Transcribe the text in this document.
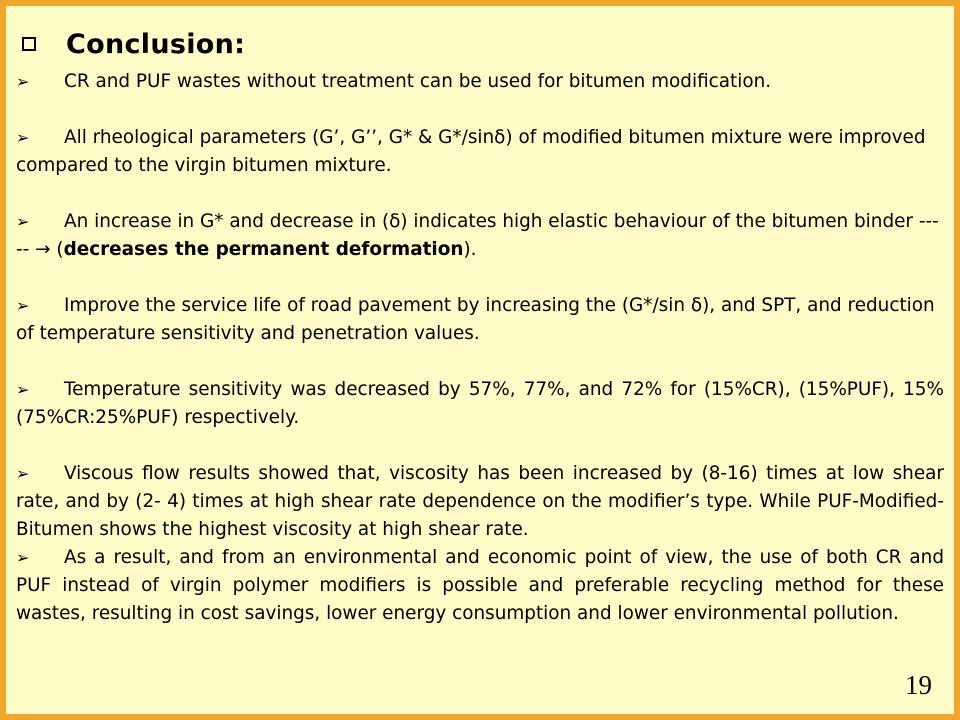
Conclusion:

➢ CR and PUF wastes without treatment can be used for bitumen modification.

➢ All rheological parameters (G’, G’’, G* & G*/sinδ) of modified bitumen mixture were improved compared to the virgin bitumen mixture.

➢ An increase in G* and decrease in (δ) indicates high elastic behaviour of the bitumen binder ----- → (decreases the permanent deformation).

➢ Improve the service life of road pavement by increasing the (G*/sin δ), and SPT, and reduction of temperature sensitivity and penetration values.

➢ Temperature sensitivity was decreased by 57%, 77%, and 72% for (15%CR), (15%PUF), 15%(75%CR:25%PUF) respectively.

➢ Viscous flow results showed that, viscosity has been increased by (8-16) times at low shear rate, and by (2- 4) times at high shear rate dependence on the modifier’s type. While PUF-Modified-Bitumen shows the highest viscosity at high shear rate.

➢ As a result, and from an environmental and economic point of view, the use of both CR and PUF instead of virgin polymer modifiers is possible and preferable recycling method for these wastes, resulting in cost savings, lower energy consumption and lower environmental pollution.

19
